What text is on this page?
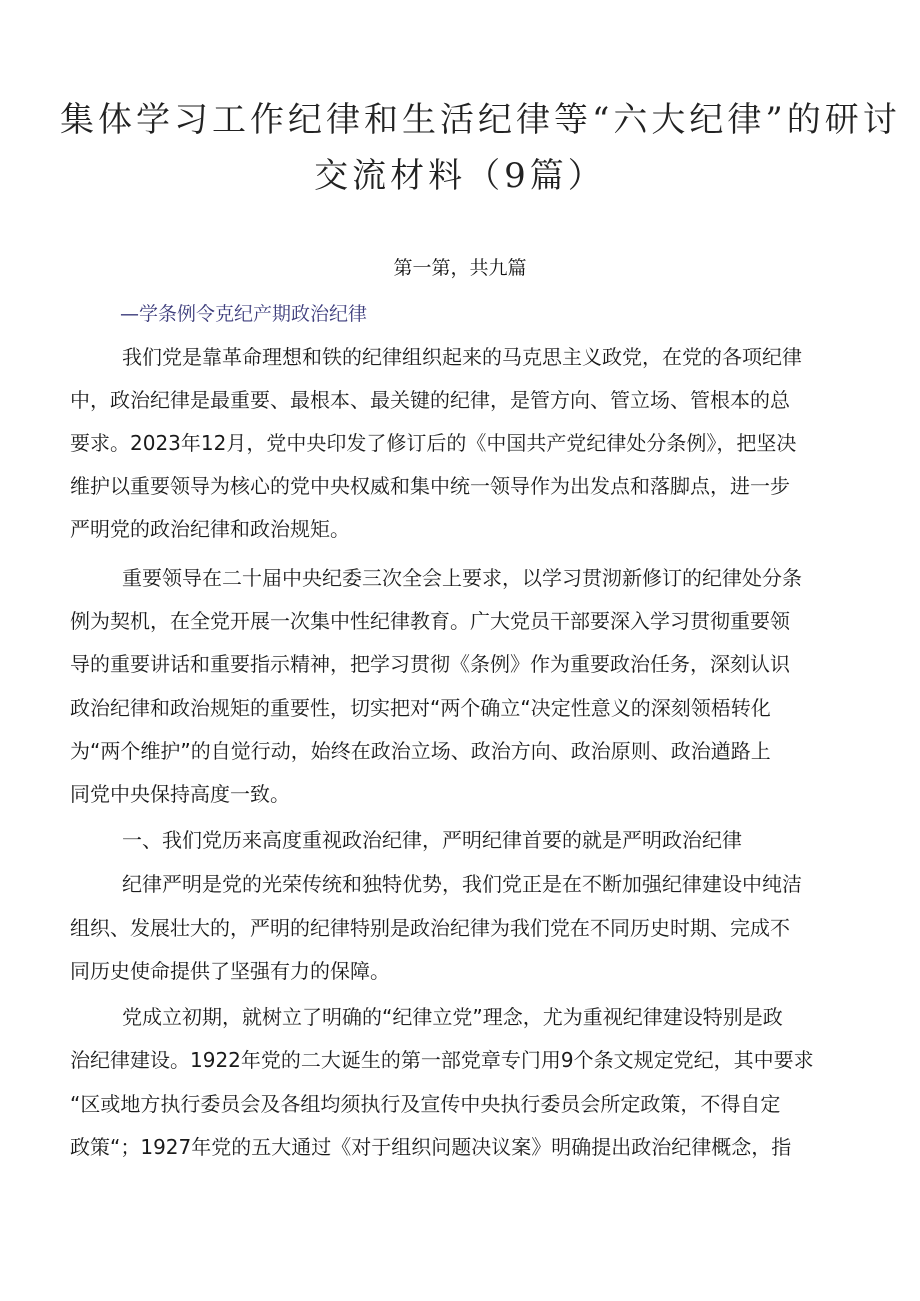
集体学习工作纪律和生活纪律等“六大纪律”的研讨
交流材料（9篇）
第一第，共九篇
—学条例令克纪产期政治纪律
我们党是靠革命理想和铁的纪律组织起来的马克思主义政党，在党的各项纪律
中，政治纪律是最重要、最根本、最关键的纪律，是管方向、管立场、管根本的总
要求。2023年12月，党中央印发了修订后的《中国共产党纪律处分条例》，把坚决
维护以重要领导为核心的党中央权威和集中统一领导作为出发点和落脚点，进一步
严明党的政治纪律和政治规矩。
重要领导在二十届中央纪委三次全会上要求，以学习贯沏新修订的纪律处分条
例为契机，在全党开展一次集中性纪律教育。广大党员干部要深入学习贯彻重要领
导的重要讲话和重要指示精神，把学习贯彻《条例》作为重要政治任务，深刻认识
政治纪律和政治规矩的重要性，切实把对“两个确立“决定性意义的深刻领梧转化
为“两个维护”的自觉行动，始终在政治立场、政治方向、政治原则、政治遒路上
同党中央保持高度一致。
一、我们党历来高度重视政治纪律，严明纪律首要的就是严明政治纪律
纪律严明是党的光荣传统和独特优势，我们党正是在不断加强纪律建设中纯洁
组织、发展壮大的，严明的纪律特别是政治纪律为我们党在不同历史时期、完成不
同历史使命提供了坚强有力的保障。
党成立初期，就树立了明确的“纪律立党”理念，尤为重视纪律建设特别是政
治纪律建设。1922年党的二大诞生的第一部党章专门用9个条文规定党纪，其中要求
“区或地方执行委员会及各组均须执行及宣传中央执行委员会所定政策，不得自定
政策“；1927年党的五大通过《对于组织问题决议案》明确提出政治纪律概念，指
